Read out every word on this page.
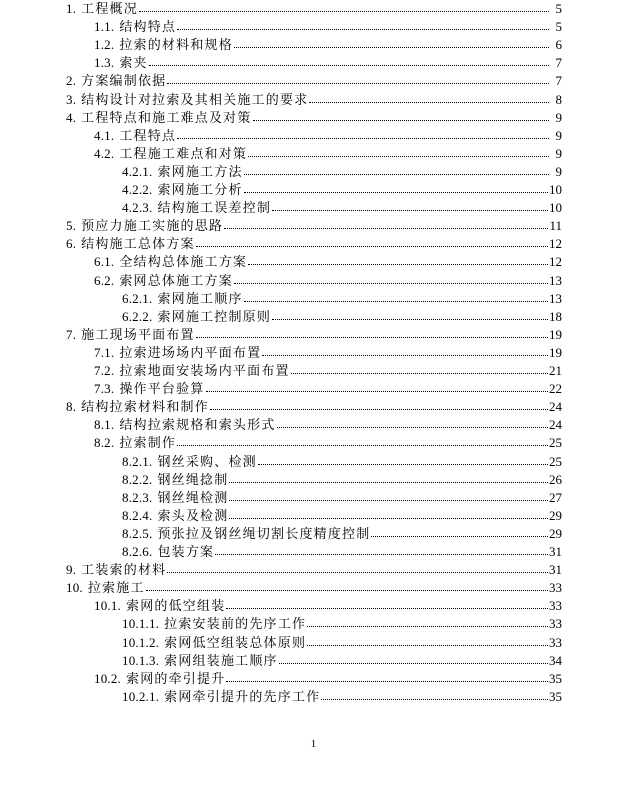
1. 工程概况	5
1.1. 结构特点	5
1.2. 拉索的材料和规格	6
1.3. 索夹	7
2. 方案编制依据	7
3. 结构设计对拉索及其相关施工的要求	8
4. 工程特点和施工难点及对策	9
4.1. 工程特点	9
4.2. 工程施工难点和对策	9
4.2.1. 索网施工方法	9
4.2.2. 索网施工分析	10
4.2.3. 结构施工误差控制	10
5. 预应力施工实施的思路	11
6. 结构施工总体方案	12
6.1. 全结构总体施工方案	12
6.2. 索网总体施工方案	13
6.2.1. 索网施工顺序	13
6.2.2. 索网施工控制原则	18
7. 施工现场平面布置	19
7.1. 拉索进场场内平面布置	19
7.2. 拉索地面安装场内平面布置	21
7.3. 操作平台验算	22
8. 结构拉索材料和制作	24
8.1. 结构拉索规格和索头形式	24
8.2. 拉索制作	25
8.2.1. 钢丝采购、检测	25
8.2.2. 钢丝绳捻制	26
8.2.3. 钢丝绳检测	27
8.2.4. 索头及检测	29
8.2.5. 预张拉及钢丝绳切割长度精度控制	29
8.2.6. 包装方案	31
9. 工装索的材料	31
10. 拉索施工	33
10.1. 索网的低空组装	33
10.1.1. 拉索安装前的先序工作	33
10.1.2. 索网低空组装总体原则	33
10.1.3. 索网组装施工顺序	34
10.2. 索网的牵引提升	35
10.2.1. 索网牵引提升的先序工作	35
1
